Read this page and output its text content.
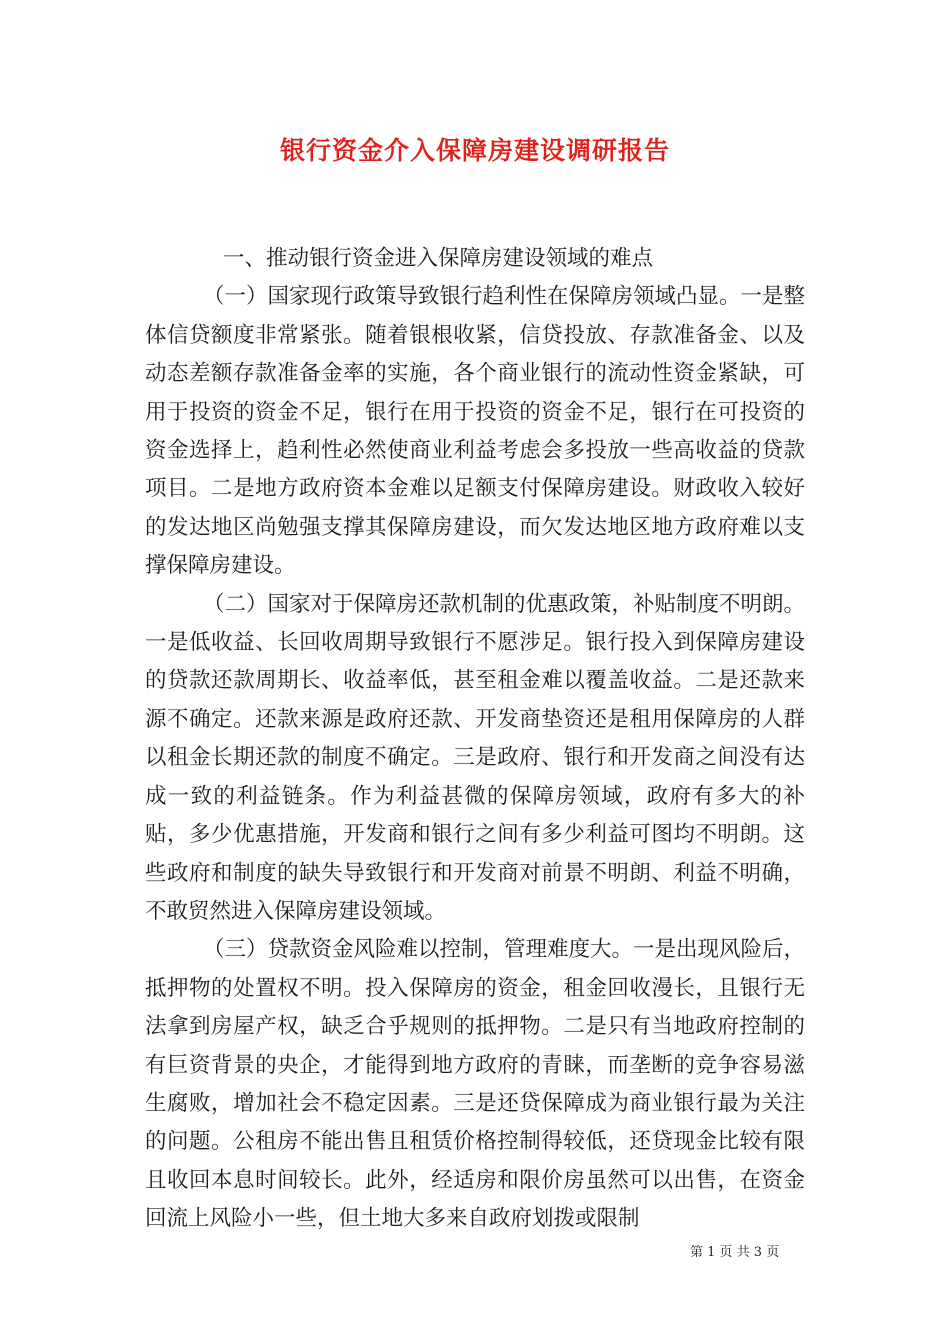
银行资金介入保障房建设调研报告

一、推动银行资金进入保障房建设领域的难点

（一）国家现行政策导致银行趋利性在保障房领域凸显。一是整体信贷额度非常紧张。随着银根收紧，信贷投放、存款准备金、以及动态差额存款准备金率的实施，各个商业银行的流动性资金紧缺，可用于投资的资金不足，银行在用于投资的资金不足，银行在可投资的资金选择上，趋利性必然使商业利益考虑会多投放一些高收益的贷款项目。二是地方政府资本金难以足额支付保障房建设。财政收入较好的发达地区尚勉强支撑其保障房建设，而欠发达地区地方政府难以支撑保障房建设。

（二）国家对于保障房还款机制的优惠政策，补贴制度不明朗。一是低收益、长回收周期导致银行不愿涉足。银行投入到保障房建设的贷款还款周期长、收益率低，甚至租金难以覆盖收益。二是还款来源不确定。还款来源是政府还款、开发商垫资还是租用保障房的人群以租金长期还款的制度不确定。三是政府、银行和开发商之间没有达成一致的利益链条。作为利益甚微的保障房领域，政府有多大的补贴，多少优惠措施，开发商和银行之间有多少利益可图均不明朗。这些政府和制度的缺失导致银行和开发商对前景不明朗、利益不明确，不敢贸然进入保障房建设领域。

（三）贷款资金风险难以控制，管理难度大。一是出现风险后，抵押物的处置权不明。投入保障房的资金，租金回收漫长，且银行无法拿到房屋产权，缺乏合乎规则的抵押物。二是只有当地政府控制的有巨资背景的央企，才能得到地方政府的青睐，而垄断的竞争容易滋生腐败，增加社会不稳定因素。三是还贷保障成为商业银行最为关注的问题。公租房不能出售且租赁价格控制得较低，还贷现金比较有限且收回本息时间较长。此外，经适房和限价房虽然可以出售，在资金回流上风险小一些，但土地大多来自政府划拨或限制

第 1 页 共 3 页
